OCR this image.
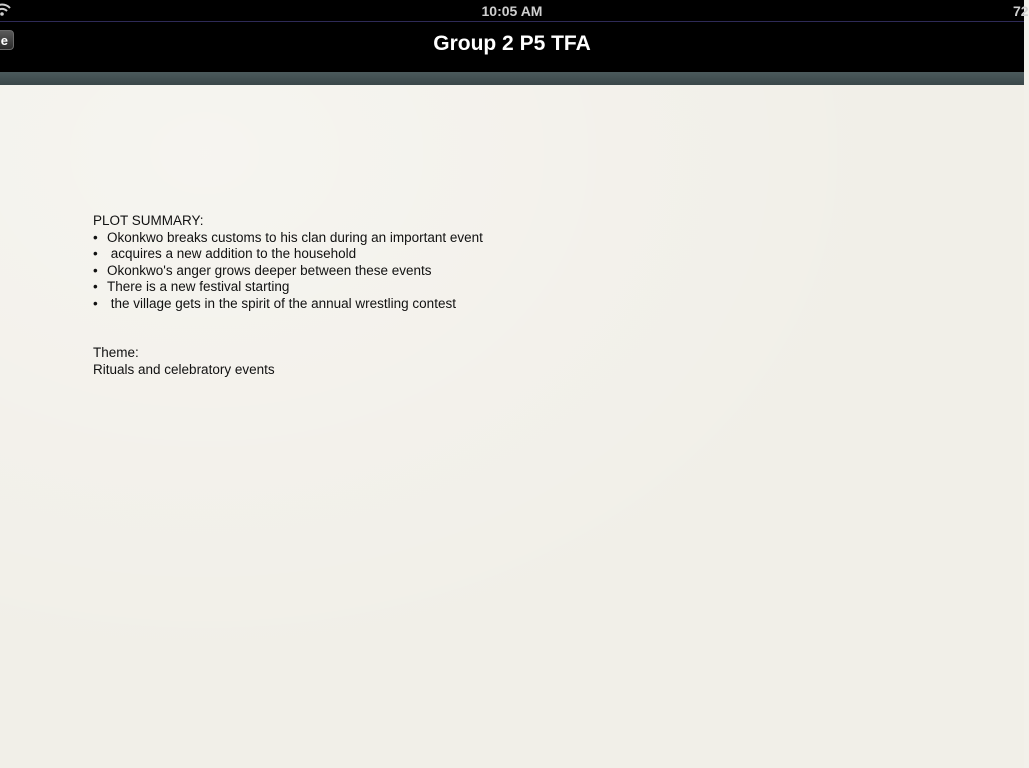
10:05 AM	72
e	Group 2 P5 TFA

PLOT SUMMARY:

• Okonkwo breaks customs to his clan during an important event
• acquires a new addition to the household
• Okonkwo's anger grows deeper between these events
• There is a new festival starting
• the village gets in the spirit of the annual wrestling contest

Theme:

Rituals and celebratory events
